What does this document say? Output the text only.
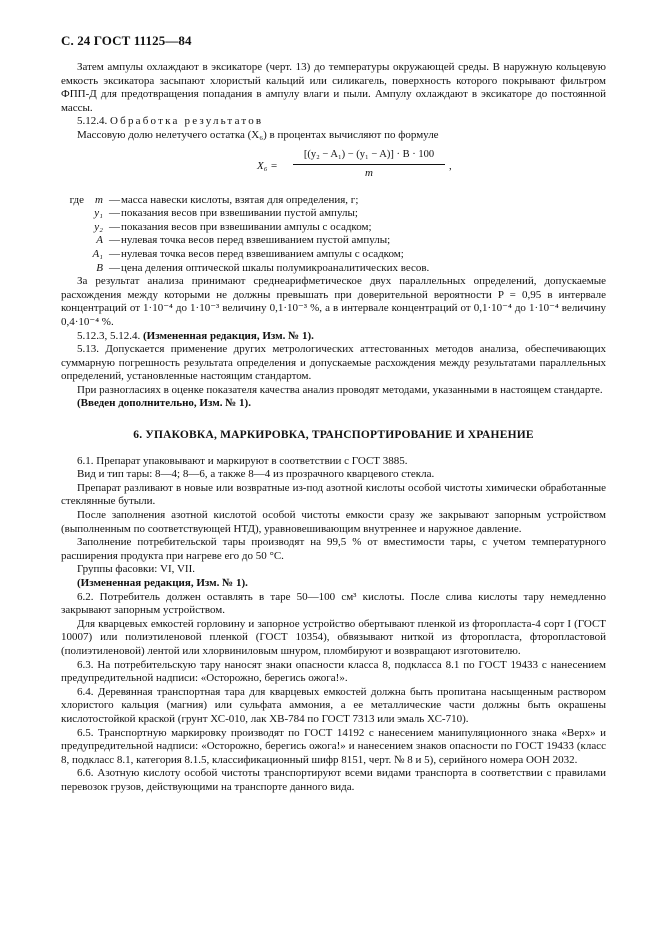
С. 24 ГОСТ 11125—84

Затем ампулы охлаждают в эксикаторе (черт. 13) до температуры окружающей среды. В наружную кольцевую емкость эксикатора засыпают хлористый кальций или силикагель, поверхность которого покрывают фильтром ФПП-Д для предотвращения попадания в ампулу влаги и пыли. Ампулу охлаждают в эксикаторе до постоянной массы.

5.12.4. Обработка результатов

Массовую долю нелетучего остатка (X₆) в процентах вычисляют по формуле

X₆ =
[(y₂ − A₁) − (y₁ − A)] · B · 100
m
,
где m — масса навески кислоты, взятая для определения, г;
y₁ — показания весов при взвешивании пустой ампулы;
y₂ — показания весов при взвешивании ампулы с осадком;
A — нулевая точка весов перед взвешиванием пустой ампулы;
A₁ — нулевая точка весов перед взвешиванием ампулы с осадком;
B — цена деления оптической шкалы полумикроаналитических весов.

За результат анализа принимают среднеарифметическое двух параллельных определений, допускаемые расхождения между которыми не должны превышать при доверительной вероятности P = 0,95 в интервале концентраций от 1·10⁻⁴ до 1·10⁻³ величину 0,1·10⁻³ %, а в интервале концентраций от 0,1·10⁻⁴ до 1·10⁻⁴ величину 0,4·10⁻⁴ %.

5.12.3, 5.12.4. (Измененная редакция, Изм. № 1).

5.13. Допускается применение других метрологических аттестованных методов анализа, обеспечивающих суммарную погрешность результата определения и допускаемые расхождения между результатами параллельных определений, установленные настоящим стандартом.

При разногласиях в оценке показателя качества анализ проводят методами, указанными в настоящем стандарте.

(Введен дополнительно, Изм. № 1).

6. УПАКОВКА, МАРКИРОВКА, ТРАНСПОРТИРОВАНИЕ И ХРАНЕНИЕ

6.1. Препарат упаковывают и маркируют в соответствии с ГОСТ 3885.

Вид и тип тары: 8—4; 8—6, а также 8—4 из прозрачного кварцевого стекла.

Препарат разливают в новые или возвратные из-под азотной кислоты особой чистоты химически обработанные стеклянные бутыли.

После заполнения азотной кислотой особой чистоты емкости сразу же закрывают запорным устройством (выполненным по соответствующей НТД), уравновешивающим внутреннее и наружное давление.

Заполнение потребительской тары производят на 99,5 % от вместимости тары, с учетом температурного расширения продукта при нагреве его до 50 °С.

Группы фасовки: VI, VII.

(Измененная редакция, Изм. № 1).

6.2. Потребитель должен оставлять в таре 50—100 см³ кислоты. После слива кислоты тару немедленно закрывают запорным устройством.

Для кварцевых емкостей горловину и запорное устройство обертывают пленкой из фторопласта-4 сорт I (ГОСТ 10007) или полиэтиленовой пленкой (ГОСТ 10354), обвязывают ниткой из фторопласта, фторопластовой (полиэтиленовой) лентой или хлорвиниловым шнуром, пломбируют и возвращают изготовителю.

6.3. На потребительскую тару наносят знаки опасности класса 8, подкласса 8.1 по ГОСТ 19433 с нанесением предупредительной надписи: «Осторожно, берегись ожога!».

6.4. Деревянная транспортная тара для кварцевых емкостей должна быть пропитана насыщенным раствором хлористого кальция (магния) или сульфата аммония, а ее металлические части должны быть окрашены кислотостойкой краской (грунт ХС-010, лак ХВ-784 по ГОСТ 7313 или эмаль ХС-710).

6.5. Транспортную маркировку производят по ГОСТ 14192 с нанесением манипуляционного знака «Верх» и предупредительной надписи: «Осторожно, берегись ожога!» и нанесением знаков опасности по ГОСТ 19433 (класс 8, подкласс 8.1, категория 8.1.5, классификационный шифр 8151, черт. № 8 и 5), серийного номера ООН 2032.

6.6. Азотную кислоту особой чистоты транспортируют всеми видами транспорта в соответствии с правилами перевозок грузов, действующими на транспорте данного вида.
